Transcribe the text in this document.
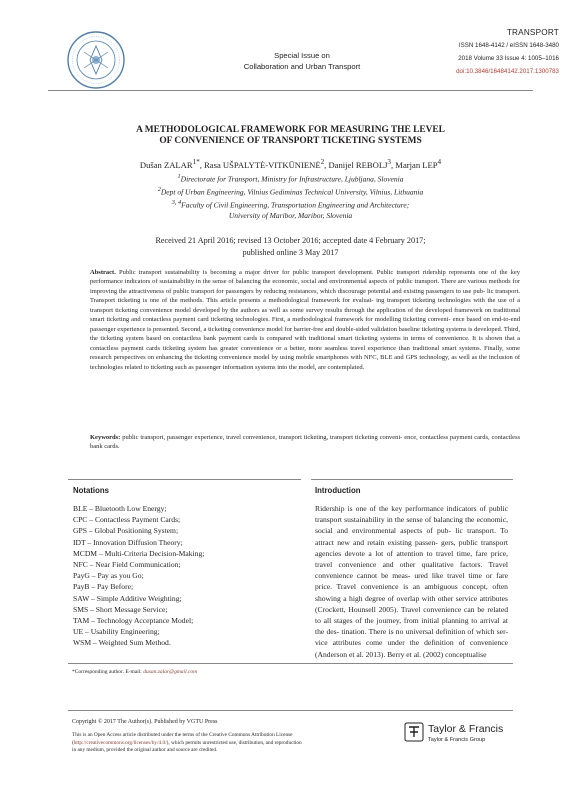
Special Issue on
Collaboration and Urban Transport
TRANSPORT
ISSN 1648-4142 / eISSN 1648-3480
2018 Volume 33 Issue 4: 1005–1016
doi:10.3846/16484142.2017.1300783
A METHODOLOGICAL FRAMEWORK FOR MEASURING THE LEVEL
OF CONVENIENCE OF TRANSPORT TICKETING SYSTEMS
Dušan $ZALAR^{1*}$, Rasa UŠPALYTĖ-VITKŪNIENĖ$^2$, Danijel REBOLJ$^3$, Marjan LEP$^4$
$^1$Directorate for Transport, Ministry for Infrastructure, Ljubljana, Slovenia
$^2$Dept of Urban Engineering, Vilnius Gediminas Technical University, Vilnius, Lithuania
$^{3, 4}$Faculty of Civil Engineering, Transportation Engineering and Architecture;
University of Maribor, Maribor, Slovenia
Received 21 April 2016; revised 13 October 2016; accepted date 4 February 2017;
published online 3 May 2017
Abstract. Public transport sustainability is becoming a major driver for public transport development. Public transport ridership represents one of the key performance indicators of sustainability in the sense of balancing the economic, social and environmental aspects of public transport. There are various methods for improving the attractiveness of public transport for passengers by reducing resistances, which discourage potential and existing passengers to use pub- lic transport. Transport ticketing is one of the methods. This article presents a methodological framework for evaluat- ing transport ticketing technologies with the use of a transport ticketing convenience model developed by the authors as well as some survey results through the application of the developed framework on traditional smart ticketing and contactless payment card ticketing technologies. First, a methodological framework for modelling ticketing conveni- ence based on end-to-end passenger experience is presented. Second, a ticketing convenience model for barrier-free and double-sided validation baseline ticketing systems is developed. Third, the ticketing system based on contactless bank payment cards is compared with traditional smart ticketing systems in terms of convenience. It is shown that a contactless payment cards ticketing system has greater convenience or a better, more seamless travel experience than traditional smart systems. Finally, some research perspectives on enhancing the ticketing convenience model by using mobile smartphones with NFC, BLE and GPS technology, as well as the inclusion of technologies related to ticketing such as passenger information systems into the model, are contemplated.
Keywords: public transport, passenger experience, travel convenience, transport ticketing, transport ticketing conveni- ence, contactless payment cards, contactless bank cards.
Notations	Introduction
BLE – Bluetooth Low Energy;
CPC – Contactless Payment Cards;
GPS – Global Positioning System;
IDT – Innovation Diffusion Theory;
MCDM – Multi-Criteria Decision-Making;
NFC – Near Field Communication;
PayG – Pay as you Go;
PayB – Pay Before;
SAW – Simple Additive Weighting;
SMS – Short Message Service;
TAM – Technology Acceptance Model;
UE – Usability Engineering;
WSM – Weighted Sum Method.
Ridership is one of the key performance indicators of public transport sustainability in the sense of balancing the economic, social and environmental aspects of pub- lic transport. To attract new and retain existing passen- gers, public transport agencies devote a lot of attention to travel time, fare price, travel convenience and other qualitative factors. Travel convenience cannot be meas- ured like travel time or fare price. Travel convenience is an ambiguous concept, often showing a high degree of overlap with other service attributes (Crockett, Hounsell 2005). Travel convenience can be related to all stages of the journey, from initial planning to arrival at the des- tination. There is no universal definition of which ser- vice attributes come under the definition of convenience (Anderson et al. 2013). Berry et al. (2002) conceptualise
*Corresponding author. E-mail: dusan.zalar@gmail.com
Copyright © 2017 The Author(s). Published by VGTU Press
This is an Open Access article distributed under the terms of the Creative Commons Attribution License
(http://creativecommons.org/licenses/by/4.0/), which permits unrestricted use, distribution, and reproduction
in any medium, provided the original author and source are credited.
Taylor & Francis
Taylor & Francis Group
